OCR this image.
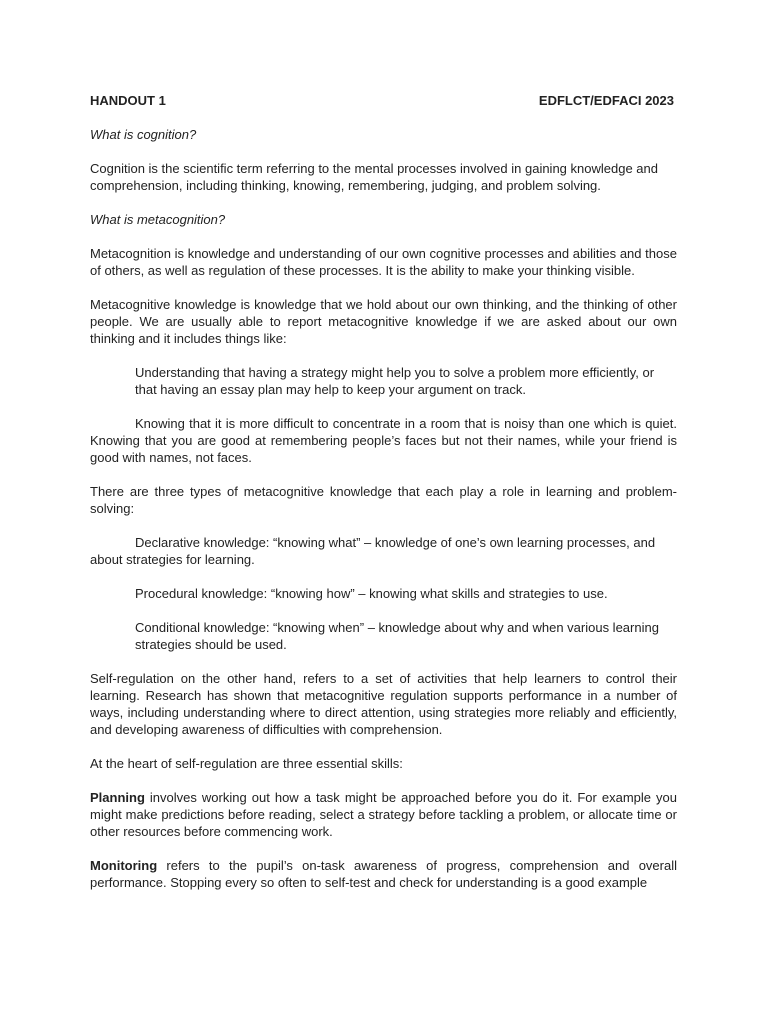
HANDOUT 1	EDFLCT/EDFACI 2023

What is cognition?

Cognition is the scientific term referring to the mental processes involved in gaining knowledge and comprehension, including thinking, knowing, remembering, judging, and problem solving.

What is metacognition?

Metacognition is knowledge and understanding of our own cognitive processes and abilities and those of others, as well as regulation of these processes. It is the ability to make your thinking visible.

Metacognitive knowledge is knowledge that we hold about our own thinking, and the thinking of other people. We are usually able to report metacognitive knowledge if we are asked about our own thinking and it includes things like:

Understanding that having a strategy might help you to solve a problem more efficiently, or that having an essay plan may help to keep your argument on track.

Knowing that it is more difficult to concentrate in a room that is noisy than one which is quiet. Knowing that you are good at remembering people’s faces but not their names, while your friend is good with names, not faces.

There are three types of metacognitive knowledge that each play a role in learning and problem-solving:

Declarative knowledge: “knowing what” – knowledge of one’s own learning processes, and about strategies for learning.

Procedural knowledge: “knowing how” – knowing what skills and strategies to use.

Conditional knowledge: “knowing when” – knowledge about why and when various learning strategies should be used.

Self-regulation on the other hand, refers to a set of activities that help learners to control their learning. Research has shown that metacognitive regulation supports performance in a number of ways, including understanding where to direct attention, using strategies more reliably and efficiently, and developing awareness of difficulties with comprehension.

At the heart of self-regulation are three essential skills:

Planning involves working out how a task might be approached before you do it. For example you might make predictions before reading, select a strategy before tackling a problem, or allocate time or other resources before commencing work.

Monitoring refers to the pupil’s on-task awareness of progress, comprehension and overall performance. Stopping every so often to self-test and check for understanding is a good example
